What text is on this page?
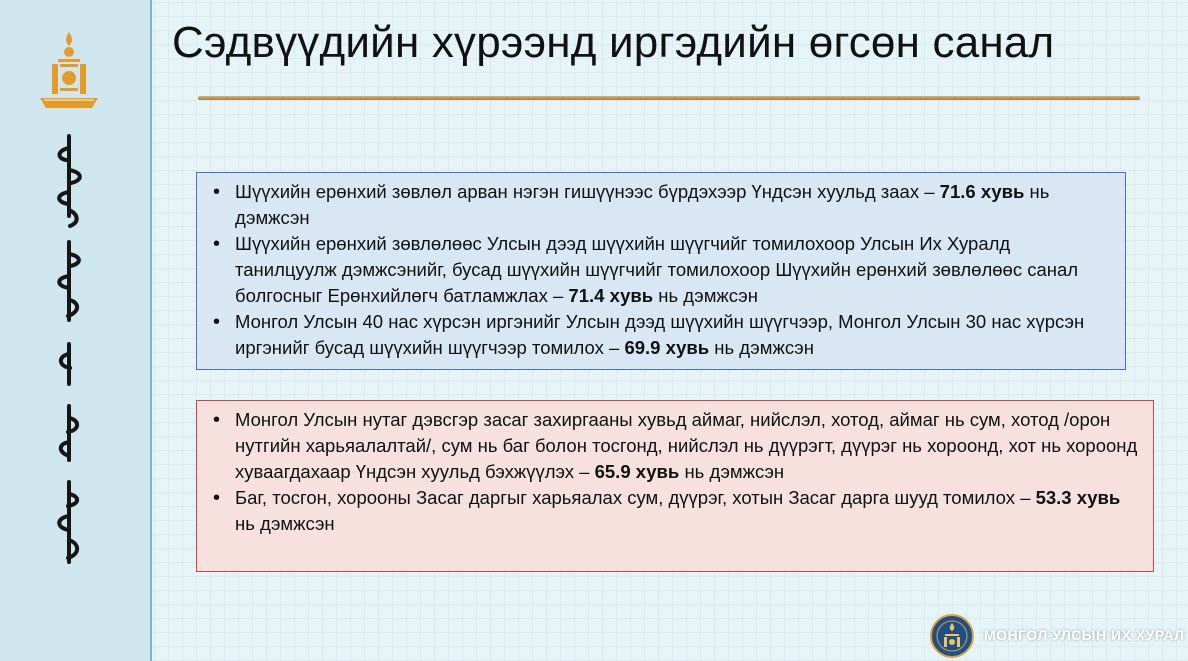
Сэдвүүдийн хүрээнд иргэдийн өгсөн санал
• Шүүхийн ерөнхий зөвлөл арван нэгэн гишүүнээс бүрдэхээр Үндсэн хуульд заах – 71.6 хувь нь дэмжсэн
• Шүүхийн ерөнхий зөвлөлөөс Улсын дээд шүүхийн шүүгчийг томилохоор Улсын Их Хуралд танилцуулж дэмжсэнийг, бусад шүүхийн шүүгчийг томилохоор Шүүхийн ерөнхий зөвлөлөөс санал болгосныг Ерөнхийлөгч батламжлах – 71.4 хувь нь дэмжсэн
• Монгол Улсын 40 нас хүрсэн иргэнийг Улсын дээд шүүхийн шүүгчээр, Монгол Улсын 30 нас хүрсэн иргэнийг бусад шүүхийн шүүгчээр томилох – 69.9 хувь нь дэмжсэн
• Монгол Улсын нутаг дэвсгэр засаг захиргааны хувьд аймаг, нийслэл, хотод, аймаг нь сум, хотод /орон нутгийн харьяалалтай/, сум нь баг болон тосгонд, нийслэл нь дүүрэгт, дүүрэг нь хороонд, хот нь хороонд хуваагдахаар Үндсэн хуульд бэхжүүлэх – 65.9 хувь нь дэмжсэн
• Баг, тосгон, хорооны Засаг даргыг харьяалах сум, дүүрэг, хотын Засаг дарга шууд томилох – 53.3 хувь нь дэмжсэн
МОНГОЛ УЛСЫН ИХ ХУРАЛ
